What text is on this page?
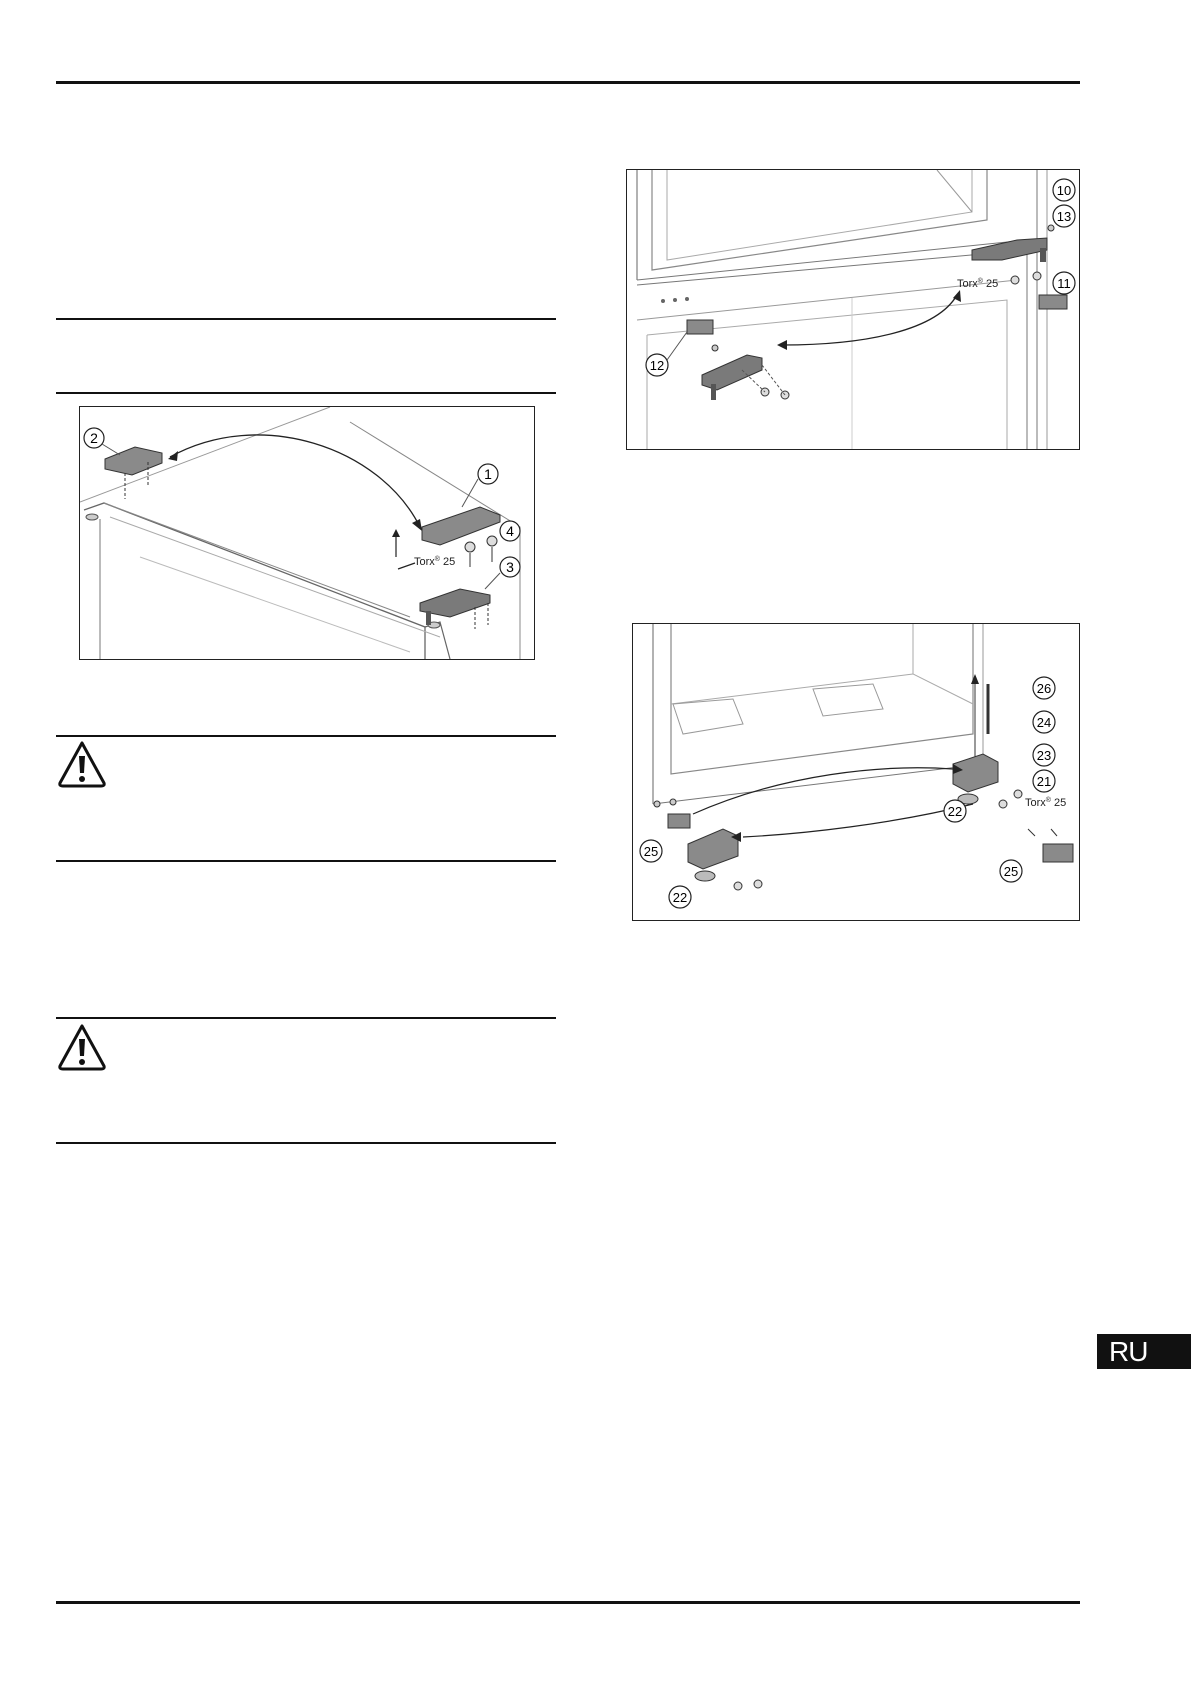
1
2
3
4
Torx® 25
10
13
11
12
Torx® 25
26
24
23
21
22
25
25
22
Torx® 25
RU
